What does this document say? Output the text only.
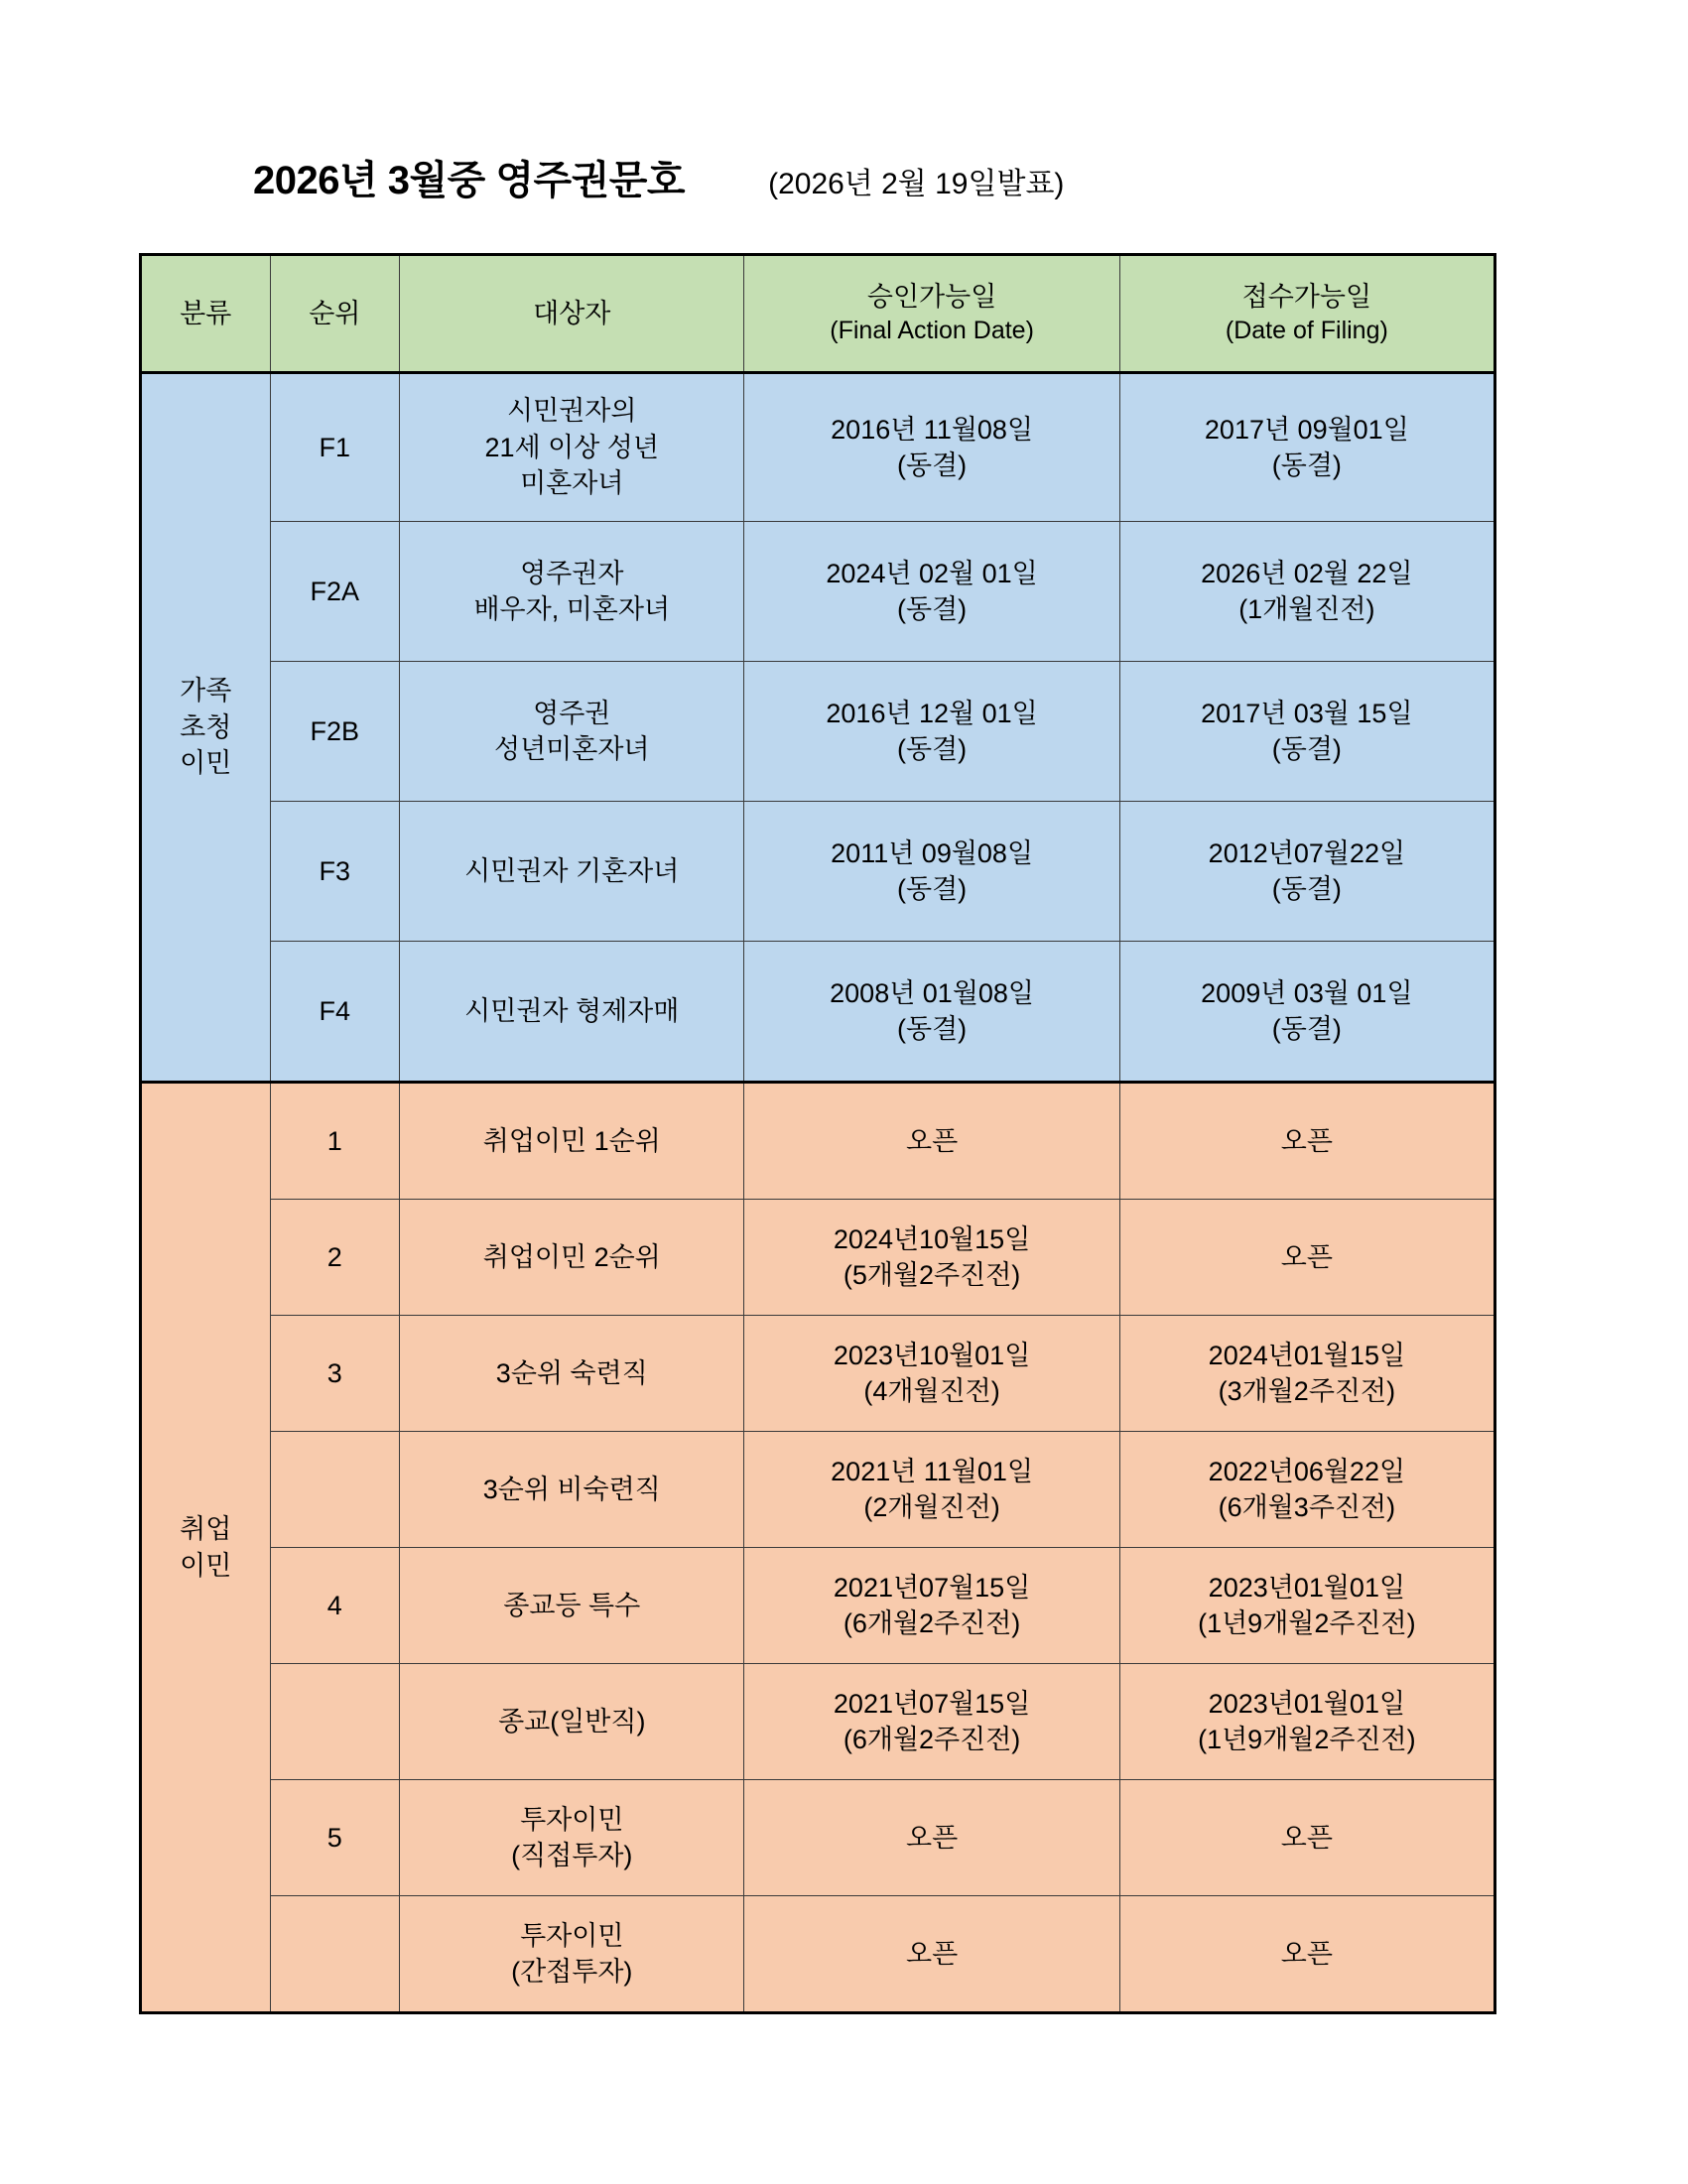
2026년 3월중 영주권문호	(2026년 2월 19일발표)
분류	순위	대상자	승인가능일
(Final Action Date)	접수가능일
(Date of Filing)

가족
초청
이민	F1	시민권자의
21세 이상 성년
미혼자녀	2016년 11월08일
(동결)	2017년 09월01일
(동결)

	F2A	영주권자
배우자, 미혼자녀	2024년 02월 01일
(동결)	2026년 02월 22일
(1개월진전)

	F2B	영주권
성년미혼자녀	2016년 12월 01일
(동결)	2017년 03월 15일
(동결)

	F3	시민권자 기혼자녀	2011년 09월08일
(동결)	2012년07월22일
(동결)

	F4	시민권자 형제자매	2008년 01월08일
(동결)	2009년 03월 01일
(동결)

취업
이민	1	취업이민 1순위	오픈	오픈

	2	취업이민 2순위	2024년10월15일
(5개월2주진전)	오픈

	3	3순위 숙련직	2023년10월01일
(4개월진전)	2024년01월15일
(3개월2주진전)

		3순위 비숙련직	2021년 11월01일
(2개월진전)	2022년06월22일
(6개월3주진전)

	4	종교등 특수	2021년07월15일
(6개월2주진전)	2023년01월01일
(1년9개월2주진전)

		종교(일반직)	2021년07월15일
(6개월2주진전)	2023년01월01일
(1년9개월2주진전)

	5	투자이민
(직접투자)	오픈	오픈

		투자이민
(간접투자)	오픈	오픈
